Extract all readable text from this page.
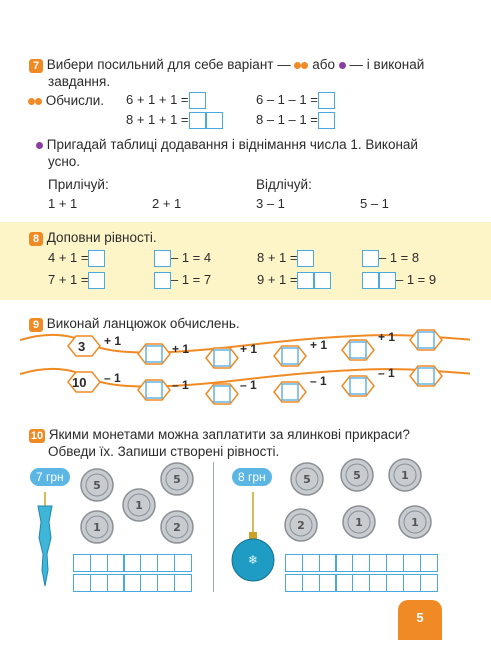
7 Вибери посильний для себе варіант — або — і виконай
завдання.
Обчисли. 6 + 1 + 1 =	6 – 1 – 1 =
8 + 1 + 1 =	8 – 1 – 1 =
Пригадай таблиці додавання і віднімання числа 1. Виконай
усно.
Прилічуй:	Відлічуй:
1 + 1	2 + 1	3 – 1	5 – 1
8 Доповни рівності.
4 + 1 =	– 1 = 4	8 + 1 =	– 1 = 8
7 + 1 =	– 1 = 7	9 + 1 =	– 1 = 9
9 Виконай ланцюжок обчислень.
3
10
+ 1
+ 1	+ 1	+ 1
+ 1
– 1	– 1	– 1	– 1
– 1
10 Якими монетами можна заплатити за ялинкові прикраси?
Обведи їх. Запиши створені рівності.
7 грн	8 грн
❄
5	5
1
1	2
5	5	1
2	1	1
5
